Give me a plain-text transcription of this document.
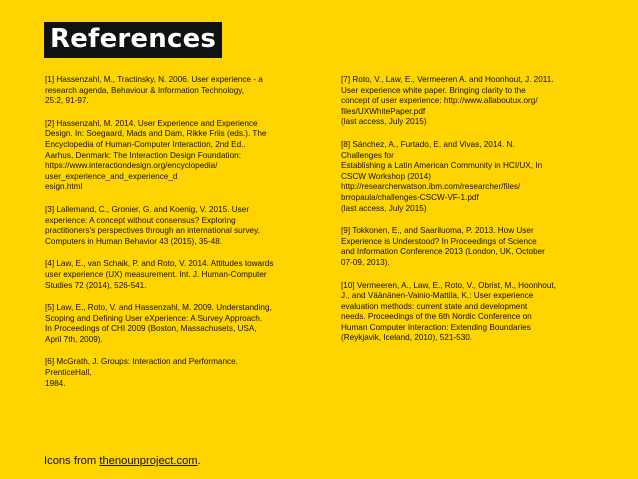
References
[1] Hassenzahl, M., Tractinsky, N. 2006. User experience - a
research agenda, Behaviour & Information Technology,
25:2, 91-97.
[2] Hassenzahl, M. 2014. User Experience and Experience
Design. In: Soegaard, Mads and Dam, Rikke Friis (eds.). The
Encyclopedia of Human-Computer Interaction, 2nd Ed..
Aarhus, Denmark: The Interaction Design Foundation:
https://www.interactiondesign.org/encyclopedia/
user_experience_and_experience_d
esign.html
[3] Lallemand, C., Gronier, G. and Koenig, V. 2015. User
experience: A concept without consensus? Exploring
practitioners's perspectives through an international survey.
Computers in Human Behavior 43 (2015), 35-48.
[4] Law, E., van Schaik, P. and Roto, V. 2014. Attitudes towards
user experience (UX) measurement. Int. J. Human-Computer
Studies 72 (2014), 526-541.
[5] Law, E., Roto, V. and Hassenzahl, M. 2009. Understanding,
Scoping and Defining User eXperience: A Survey Approach.
In Proceedings of CHI 2009 (Boston, Massachusets, USA,
April 7th, 2009).
[6] McGrath, J. Groups: Interaction and Performance.
PrenticeHall,
1984.
[7] Roto, V., Law, E., Vermeeren A. and Hoonhout, J. 2011.
User experience white paper. Bringing clarity to the
concept of user experience: http://www.allaboutux.org/
files/UXWhitePaper.pdf
(last access, July 2015)
[8] Sánchez, A., Furtado, E. and Vivas, 2014. N.
Challenges for
Establishing a Latin American Community in HCI/UX, In
CSCW Workshop (2014)
http://researcherwatson.ibm.com/researcher/files/
brropaula/challenges-CSCW-VF-1.pdf
(last access, July 2015)
[9] Tokkonen, E., and Saariluoma, P. 2013. How User
Experience is Understood? In Proceedings of Science
and Information Conference 2013 (London, UK, October
07-09, 2013).
[10] Vermeeren, A., Law, E., Roto, V., Obrist, M., Hoonhout,
J., and Väänänen-Vainio-Mattila, K.: User experience
evaluation methods: current state and development
needs. Proceedings of the 6th Nordic Conference on
Human Computer Interaction: Extending Boundaries
(Reykjavik, Iceland, 2010), 521-530.
Icons from thenounproject.com.
